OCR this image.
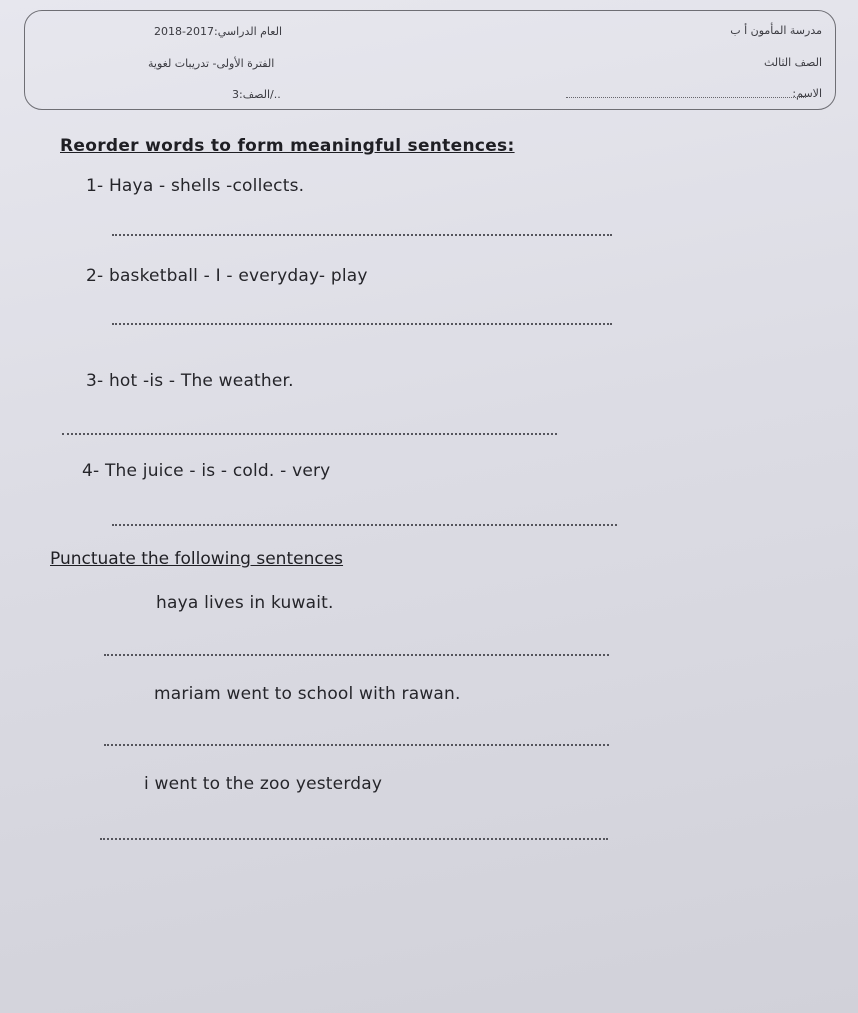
العام الدراسي:2017-2018
الفترة الأولى- تدريبات لغوية
الصف:3/..
مدرسة المأمون أ ب
الصف الثالث
الاسم:
Reorder words to form meaningful sentences:
1- Haya - shells -collects.
2- basketball - I - everyday- play
3- hot -is - The weather.
4- The juice - is - cold. - very
Punctuate the following sentences
haya lives in kuwait.
mariam went to school with rawan.
i went to the zoo yesterday
